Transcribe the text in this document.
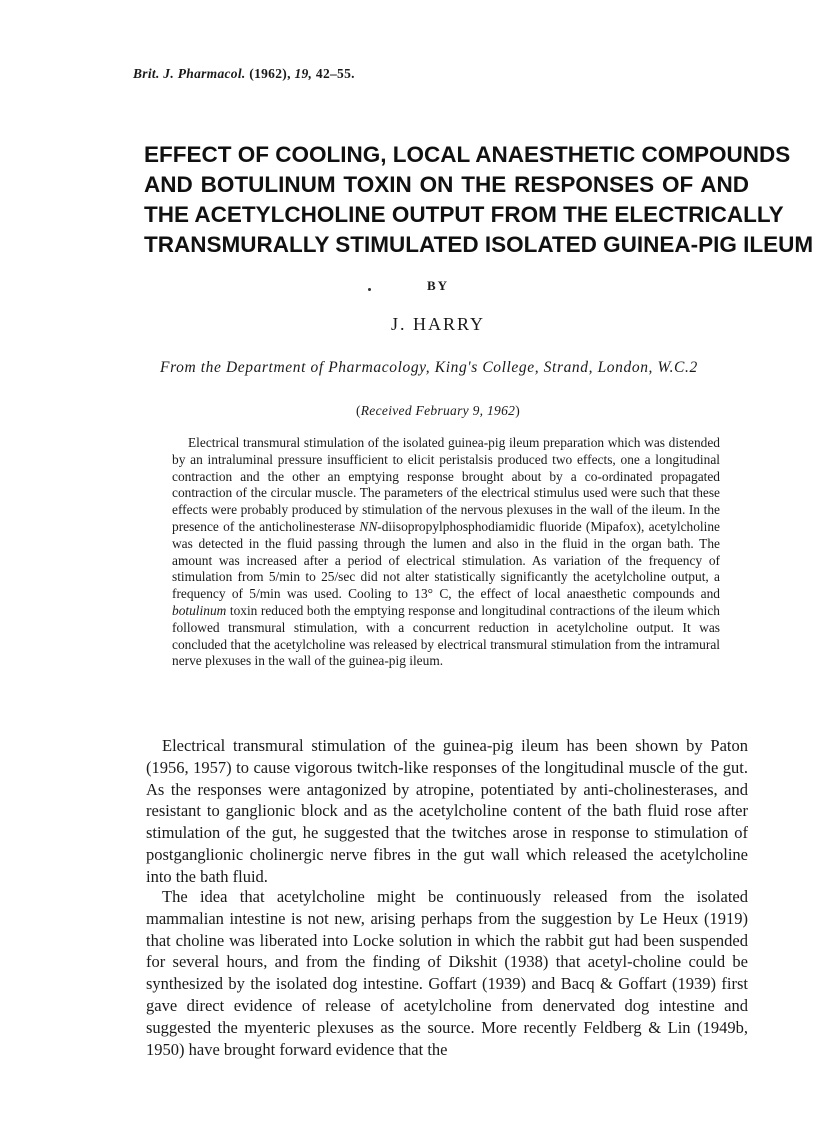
Brit. J. Pharmacol. (1962), 19, 42–55.
EFFECT OF COOLING, LOCAL ANAESTHETIC COMPOUNDS
AND BOTULINUM TOXIN ON THE RESPONSES OF AND
THE ACETYLCHOLINE OUTPUT FROM THE ELECTRICALLY
TRANSMURALLY STIMULATED ISOLATED GUINEA-PIG ILEUM
BY
J. HARRY
From the Department of Pharmacology, King's College, Strand, London, W.C.2
(Received February 9, 1962)

Electrical transmural stimulation of the isolated guinea-pig ileum preparation which was distended by an intraluminal pressure insufficient to elicit peristalsis produced two effects, one a longitudinal contraction and the other an emptying response brought about by a co-ordinated propagated contraction of the circular muscle. The parameters of the electrical stimulus used were such that these effects were probably produced by stimulation of the nervous plexuses in the wall of the ileum. In the presence of the anticholinesterase NN-diisopropylphosphodiamidic fluoride (Mipafox), acetylcholine was detected in the fluid passing through the lumen and also in the fluid in the organ bath. The amount was increased after a period of electrical stimulation. As variation of the frequency of stimulation from 5/min to 25/sec did not alter statistically significantly the acetylcholine output, a frequency of 5/min was used. Cooling to 13° C, the effect of local anaesthetic compounds and botulinum toxin reduced both the emptying response and longitudinal contractions of the ileum which followed transmural stimulation, with a concurrent reduction in acetylcholine output. It was concluded that the acetylcholine was released by electrical transmural stimulation from the intramural nerve plexuses in the wall of the guinea-pig ileum.

Electrical transmural stimulation of the guinea-pig ileum has been shown by Paton (1956, 1957) to cause vigorous twitch-like responses of the longitudinal muscle of the gut. As the responses were antagonized by atropine, potentiated by anti-cholinesterases, and resistant to ganglionic block and as the acetylcholine content of the bath fluid rose after stimulation of the gut, he suggested that the twitches arose in response to stimulation of postganglionic cholinergic nerve fibres in the gut wall which released the acetylcholine into the bath fluid.

The idea that acetylcholine might be continuously released from the isolated mammalian intestine is not new, arising perhaps from the suggestion by Le Heux (1919) that choline was liberated into Locke solution in which the rabbit gut had been suspended for several hours, and from the finding of Dikshit (1938) that acetyl-choline could be synthesized by the isolated dog intestine. Goffart (1939) and Bacq & Goffart (1939) first gave direct evidence of release of acetylcholine from denervated dog intestine and suggested the myenteric plexuses as the source. More recently Feldberg & Lin (1949b, 1950) have brought forward evidence that the
